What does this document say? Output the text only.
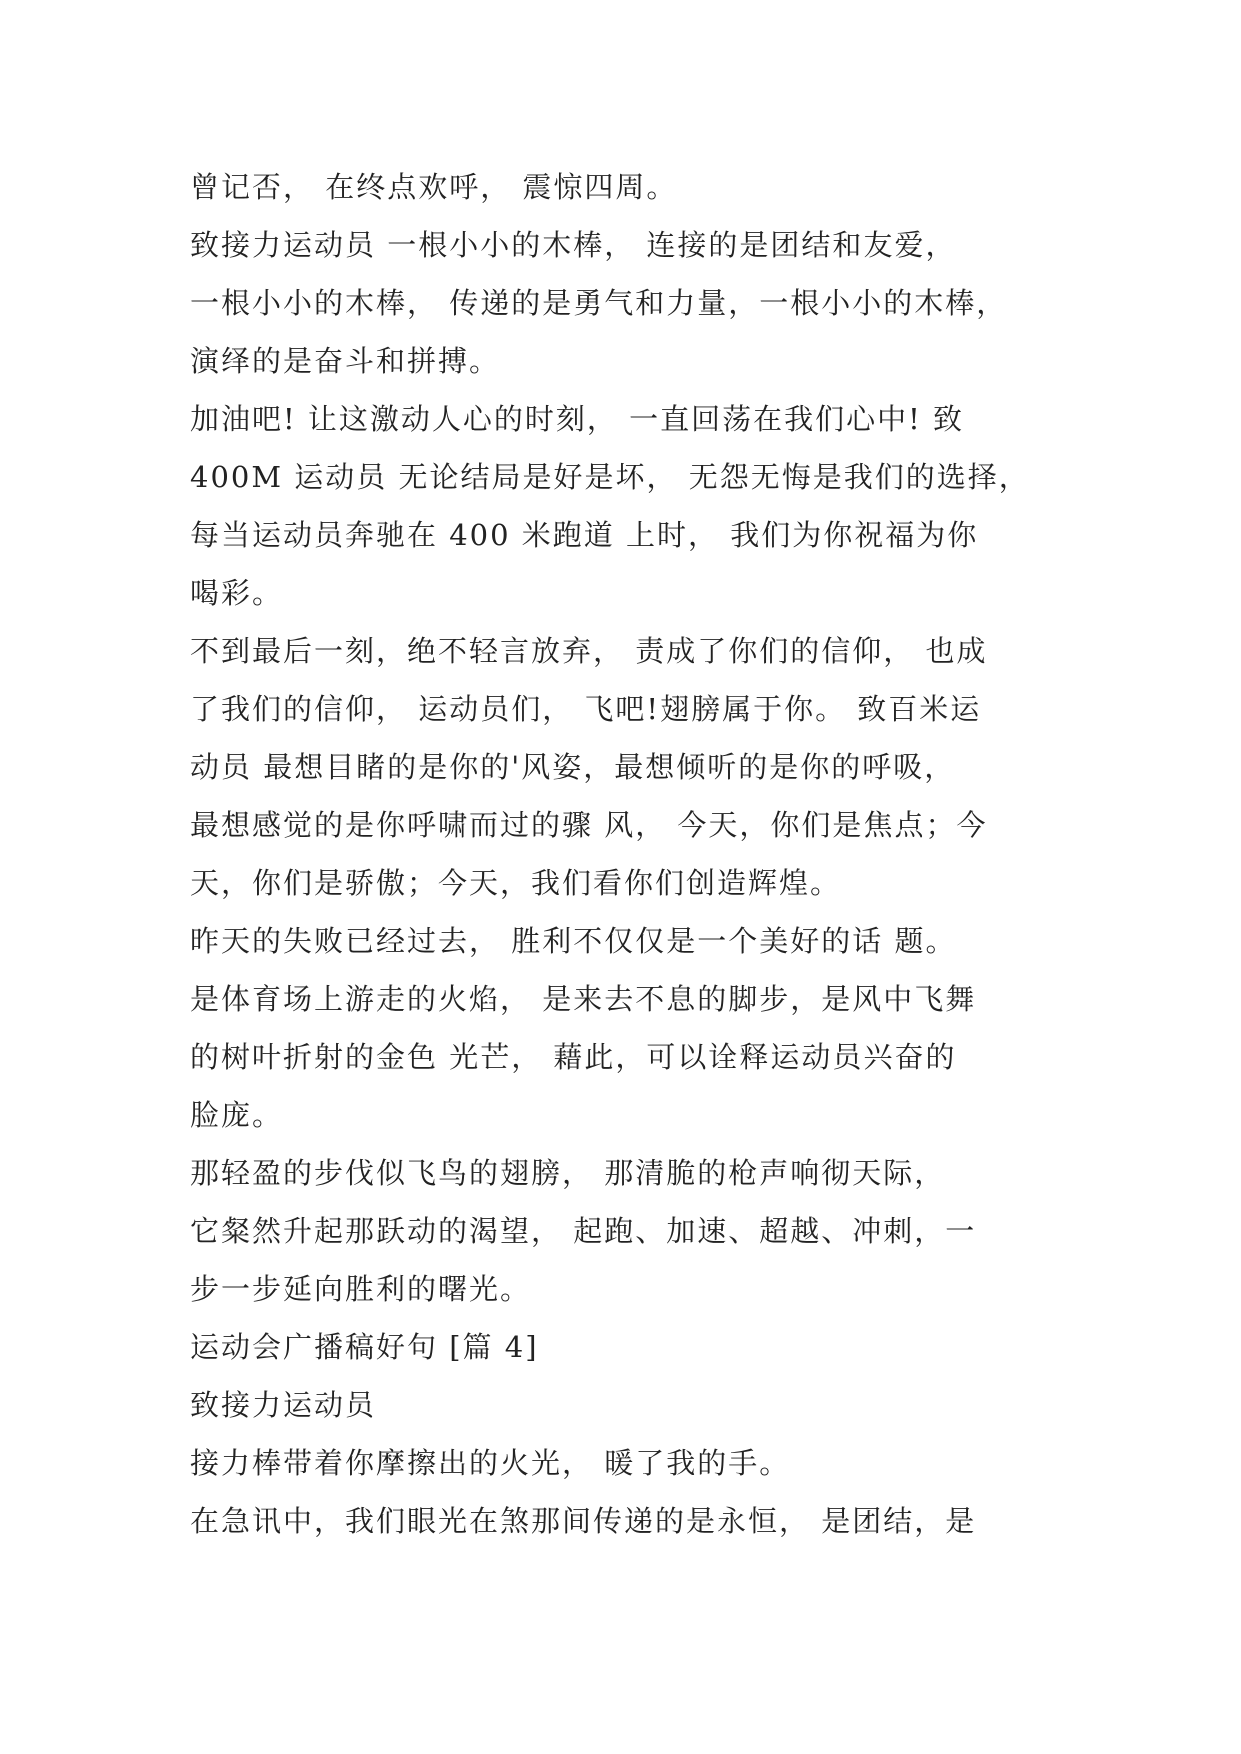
曾记否， 在终点欢呼， 震惊四周。
致接力运动员 一根小小的木棒， 连接的是团结和友爱，
一根小小的木棒， 传递的是勇气和力量，一根小小的木棒，
演绎的是奋斗和拼搏。
加油吧! 让这激动人心的时刻， 一直回荡在我们心中! 致
400M 运动员 无论结局是好是坏， 无怨无悔是我们的选择，
每当运动员奔驰在 400 米跑道 上时， 我们为你祝福为你
喝彩。
不到最后一刻，绝不轻言放弃， 责成了你们的信仰， 也成
了我们的信仰， 运动员们， 飞吧!翅膀属于你。 致百米运
动员 最想目睹的是你的'风姿，最想倾听的是你的呼吸，
最想感觉的是你呼啸而过的骤 风， 今天，你们是焦点；今
天，你们是骄傲；今天，我们看你们创造辉煌。
昨天的失败已经过去， 胜利不仅仅是一个美好的话 题。
是体育场上游走的火焰， 是来去不息的脚步，是风中飞舞
的树叶折射的金色 光芒， 藉此，可以诠释运动员兴奋的
脸庞。
那轻盈的步伐似飞鸟的翅膀， 那清脆的枪声响彻天际，
它粲然升起那跃动的渴望， 起跑、加速、超越、冲刺，一
步一步延向胜利的曙光。
运动会广播稿好句 [篇 4]
致接力运动员
接力棒带着你摩擦出的火光， 暖了我的手。
在急讯中，我们眼光在煞那间传递的是永恒， 是团结，是
